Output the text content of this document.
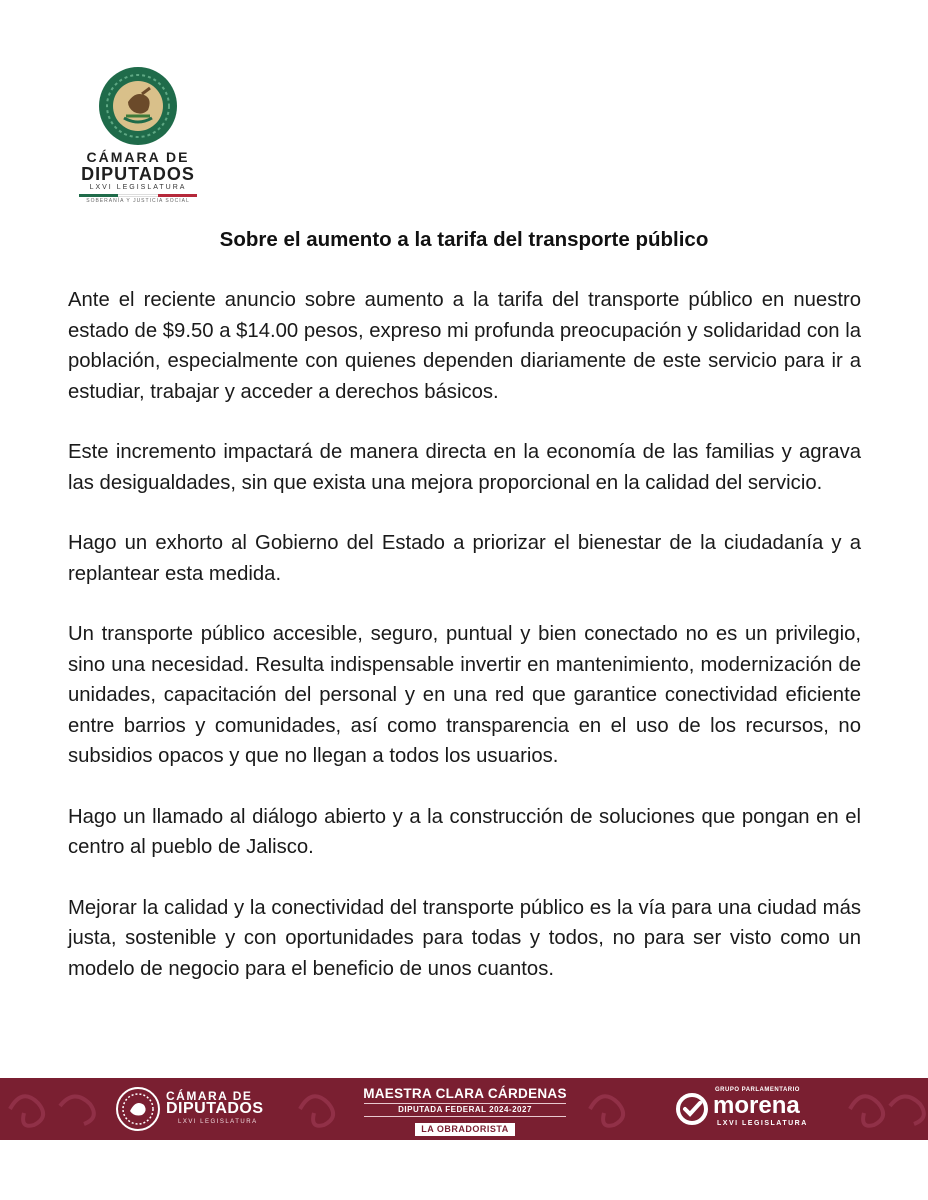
CÁMARA DE
DIPUTADOS
LXVI LEGISLATURA
SOBERANÍA Y JUSTICIA SOCIAL
Sobre el aumento a la tarifa del transporte público

Ante el reciente anuncio sobre aumento a la tarifa del transporte público en nuestro estado de $9.50 a $14.00 pesos, expreso mi profunda preocupación y solidaridad con la población, especialmente con quienes dependen diariamente de este servicio para ir a estudiar, trabajar y acceder a derechos básicos.

Este incremento impactará de manera directa en la economía de las familias y agrava las desigualdades, sin que exista una mejora proporcional en la calidad del servicio.

Hago un exhorto al Gobierno del Estado a priorizar el bienestar de la ciudadanía y a replantear esta medida.

Un transporte público accesible, seguro, puntual y bien conectado no es un privilegio, sino una necesidad. Resulta indispensable invertir en mantenimiento, modernización de unidades, capacitación del personal y en una red que garantice conectividad eficiente entre barrios y comunidades, así como transparencia en el uso de los recursos, no subsidios opacos y que no llegan a todos los usuarios.

Hago un llamado al diálogo abierto y a la construcción de soluciones que pongan en el centro al pueblo de Jalisco.

Mejorar la calidad y la conectividad del transporte público es la vía para una ciudad más justa, sostenible y con oportunidades para todas y todos, no para ser visto como un modelo de negocio para el beneficio de unos cuantos.

CÁMARA DE
DIPUTADOS
LXVI LEGISLATURA
MAESTRA CLARA CÁRDENAS
DIPUTADA FEDERAL 2024-2027
LA OBRADORISTA
GRUPO PARLAMENTARIO
morena
LXVI LEGISLATURA
